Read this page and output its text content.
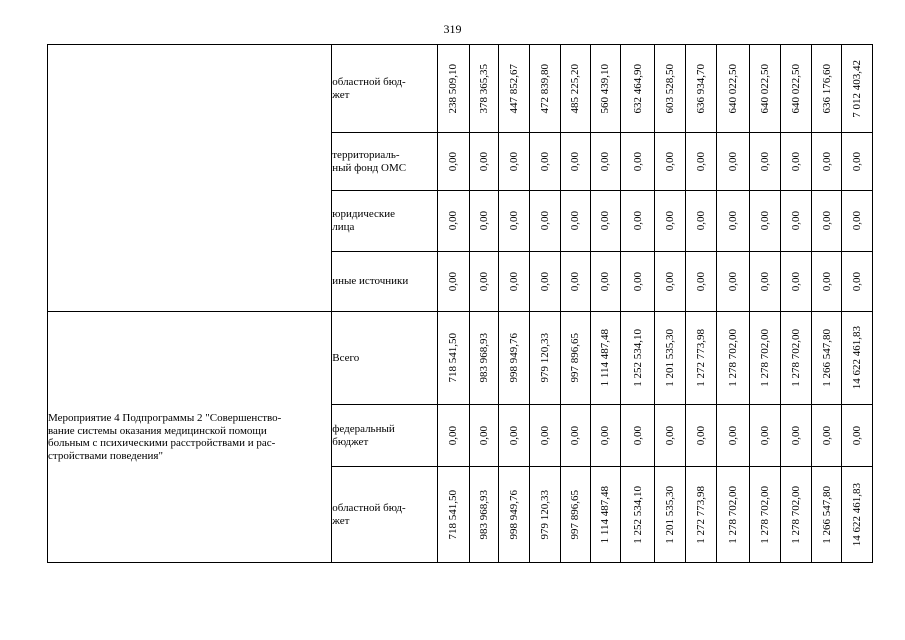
319
	областной бюд-
жет	238 509,10	378 365,35	447 852,67	472 839,80	485 225,20	560 439,10	632 464,90	603 528,50	636 934,70	640 022,50	640 022,50	640 022,50	636 176,60	7 012 403,42

	территориаль-
ный фонд ОМС	0,00	0,00	0,00	0,00	0,00	0,00	0,00	0,00	0,00	0,00	0,00	0,00	0,00	0,00

	юридические
лица	0,00	0,00	0,00	0,00	0,00	0,00	0,00	0,00	0,00	0,00	0,00	0,00	0,00	0,00

	иные источники	0,00	0,00	0,00	0,00	0,00	0,00	0,00	0,00	0,00	0,00	0,00	0,00	0,00	0,00

Мероприятие 4 Подпрограммы 2 "Совершенство-
вание системы оказания медицинской помощи
больным с психическими расстройствами и рас-
стройствами поведения"	Всего	718 541,50	983 968,93	998 949,76	979 120,33	997 896,65	1 114 487,48	1 252 534,10	1 201 535,30	1 272 773,98	1 278 702,00	1 278 702,00	1 278 702,00	1 266 547,80	14 622 461,83

	федеральный
бюджет	0,00	0,00	0,00	0,00	0,00	0,00	0,00	0,00	0,00	0,00	0,00	0,00	0,00	0,00

	областной бюд-
жет	718 541,50	983 968,93	998 949,76	979 120,33	997 896,65	1 114 487,48	1 252 534,10	1 201 535,30	1 272 773,98	1 278 702,00	1 278 702,00	1 278 702,00	1 266 547,80	14 622 461,83
